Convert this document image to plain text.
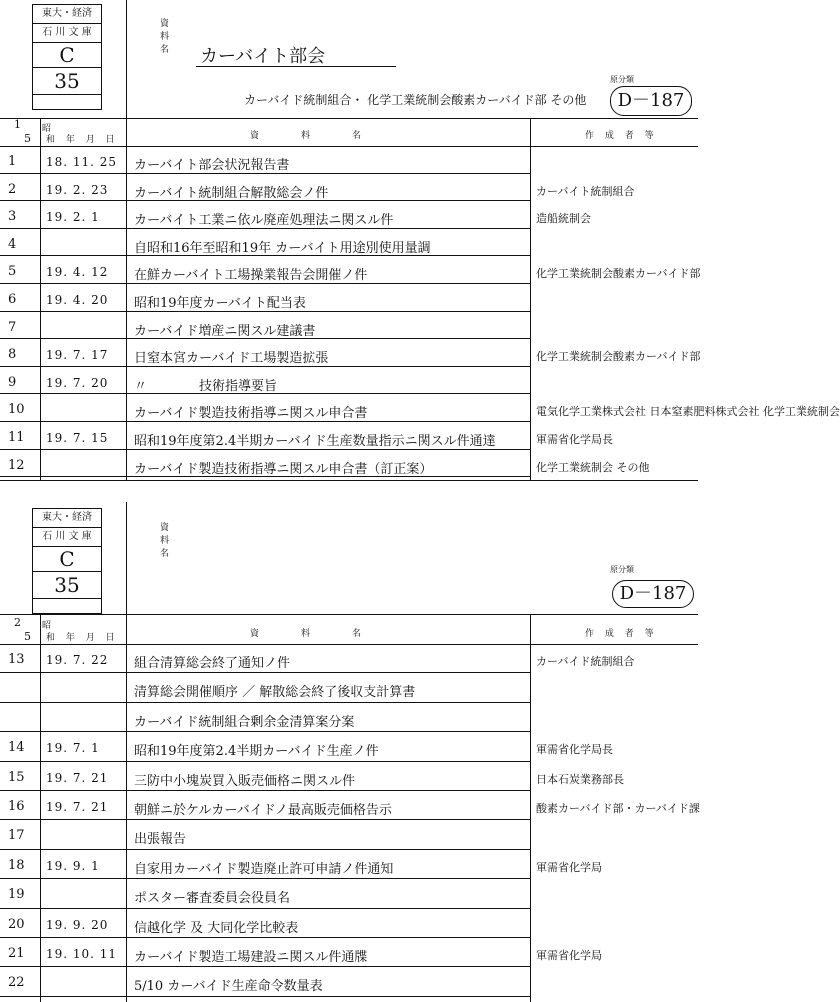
東大・経済
石 川 文 庫
C
35
資
料
名 カーバイト部会
カーバイド統制組合・ 化学工業統制会酸素カーバイド部 その他
原分類
D－187
1
5
昭
和 年 月 日	資　　料　　名	作 成 者 等
1 18. 11. 25 カーバイト部会状況報告書
2 19. 2. 23 カーバイト統制組合解散総会ノ件	カーバイト統制組合
3 19. 2. 1	カーバイト工業ニ依ル廃産処理法ニ関スル件	造船統制会
4	自昭和16年至昭和19年 カーバイト用途別使用量調
5 19. 4. 12 在鮮カーバイト工場操業報告会開催ノ件	化学工業統制会酸素カーバイド部
6 19. 4. 20 昭和19年度カーバイト配当表
7	カーバイド増産ニ関スル建議書
8 19. 7. 17 日窒本宮カーバイド工場製造拡張	化学工業統制会酸素カーバイド部
9 19. 7. 20 〃　　　　技術指導要旨
10	カーバイド製造技術指導ニ関スル申合書	電気化学工業株式会社 日本窒素肥料株式会社 化学工業統制会
11 19. 7. 15 昭和19年度第2.4半期カーバイド生産数量指示ニ関スル件通達	軍需省化学局長
12	カーバイド製造技術指導ニ関スル申合書（訂正案）	化学工業統制会 その他
東大・経済
石 川 文 庫
C
35
資
料
名
原分類
D－187
2
5
昭
和 年 月 日	資　　料　　名	作 成 者 等
13 19. 7. 22 組合清算総会終了通知ノ件	カーバイド統制組合
清算総会開催順序 ／ 解散総会終了後収支計算書
カーバイド統制組合剰余金清算案分案
14 19. 7. 1	昭和19年度第2.4半期カーバイド生産ノ件	軍需省化学局長
15 19. 7. 21 三防中小塊炭買入販売価格ニ関スル件	日本石炭業務部長
16 19. 7. 21 朝鮮ニ於ケルカーバイドノ最高販売価格告示	酸素カーバイド部・カーバイド課
17	出張報告
18 19. 9. 1	自家用カーバイド製造廃止許可申請ノ件通知	軍需省化学局
19	ポスター審査委員会役員名
20 19. 9. 20 信越化学 及 大同化学比較表
21 19. 10. 11 カーバイド製造工場建設ニ関スル件通牒	軍需省化学局
22	5/10 カーバイド生産命令数量表
